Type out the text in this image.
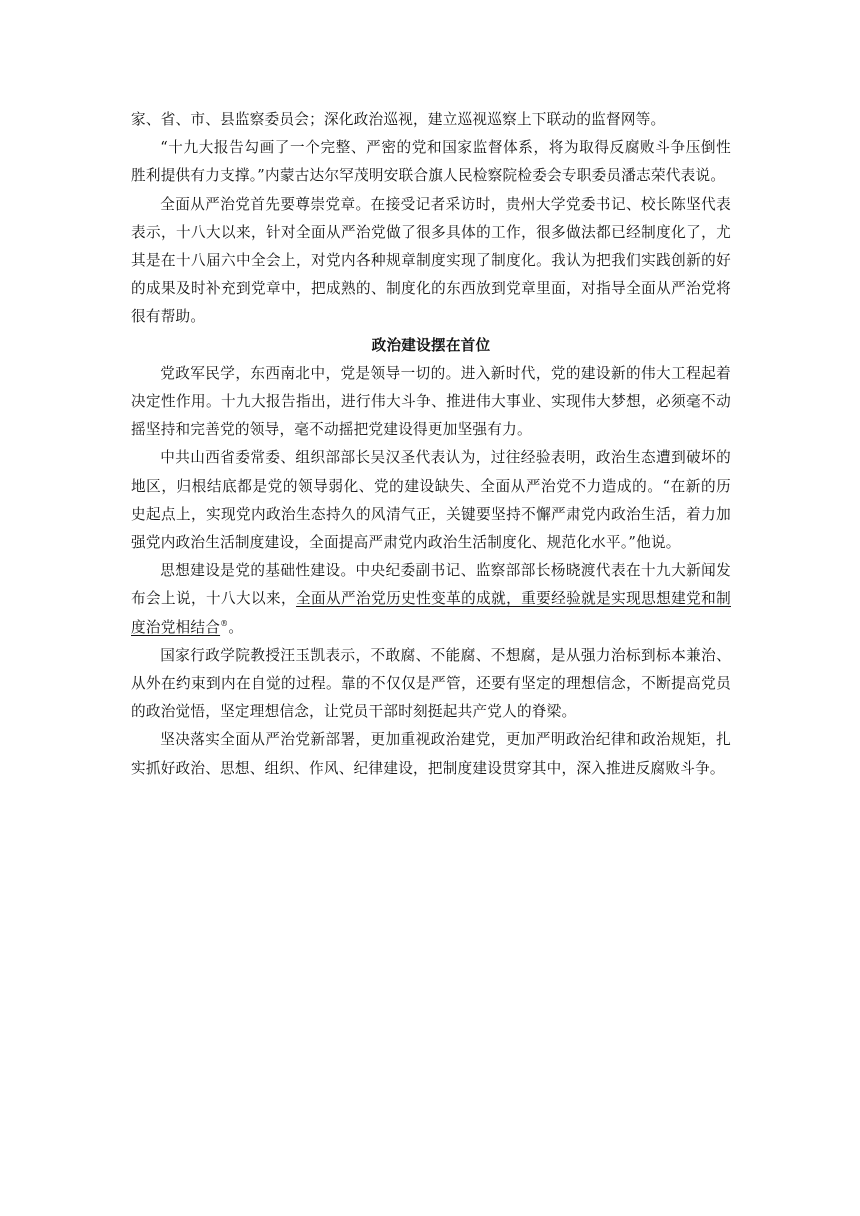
家、省、市、县监察委员会；深化政治巡视，建立巡视巡察上下联动的监督网等。

“十九大报告勾画了一个完整、严密的党和国家监督体系，将为取得反腐败斗争压倒性胜利提供有力支撑。”内蒙古达尔罕茂明安联合旗人民检察院检委会专职委员潘志荣代表说。

全面从严治党首先要尊崇党章。在接受记者采访时，贵州大学党委书记、校长陈坚代表表示，十八大以来，针对全面从严治党做了很多具体的工作，很多做法都已经制度化了，尤其是在十八届六中全会上，对党内各种规章制度实现了制度化。我认为把我们实践创新的好的成果及时补充到党章中，把成熟的、制度化的东西放到党章里面，对指导全面从严治党将很有帮助。

政治建设摆在首位

党政军民学，东西南北中，党是领导一切的。进入新时代，党的建设新的伟大工程起着决定性作用。十九大报告指出，进行伟大斗争、推进伟大事业、实现伟大梦想，必须毫不动摇坚持和完善党的领导，毫不动摇把党建设得更加坚强有力。

中共山西省委常委、组织部部长吴汉圣代表认为，过往经验表明，政治生态遭到破坏的地区，归根结底都是党的领导弱化、党的建设缺失、全面从严治党不力造成的。“在新的历史起点上，实现党内政治生态持久的风清气正，关键要坚持不懈严肃党内政治生活，着力加强党内政治生活制度建设，全面提高严肃党内政治生活制度化、规范化水平。”他说。

思想建设是党的基础性建设。中央纪委副书记、监察部部长杨晓渡代表在十九大新闻发布会上说，十八大以来，全面从严治党历史性变革的成就，重要经验就是实现思想建党和制度治党相结合®。

国家行政学院教授汪玉凯表示，不敢腐、不能腐、不想腐，是从强力治标到标本兼治、从外在约束到内在自觉的过程。靠的不仅仅是严管，还要有坚定的理想信念，不断提高党员的政治觉悟，坚定理想信念，让党员干部时刻挺起共产党人的脊梁。

坚决落实全面从严治党新部署，更加重视政治建党，更加严明政治纪律和政治规矩，扎实抓好政治、思想、组织、作风、纪律建设，把制度建设贯穿其中，深入推进反腐败斗争。
